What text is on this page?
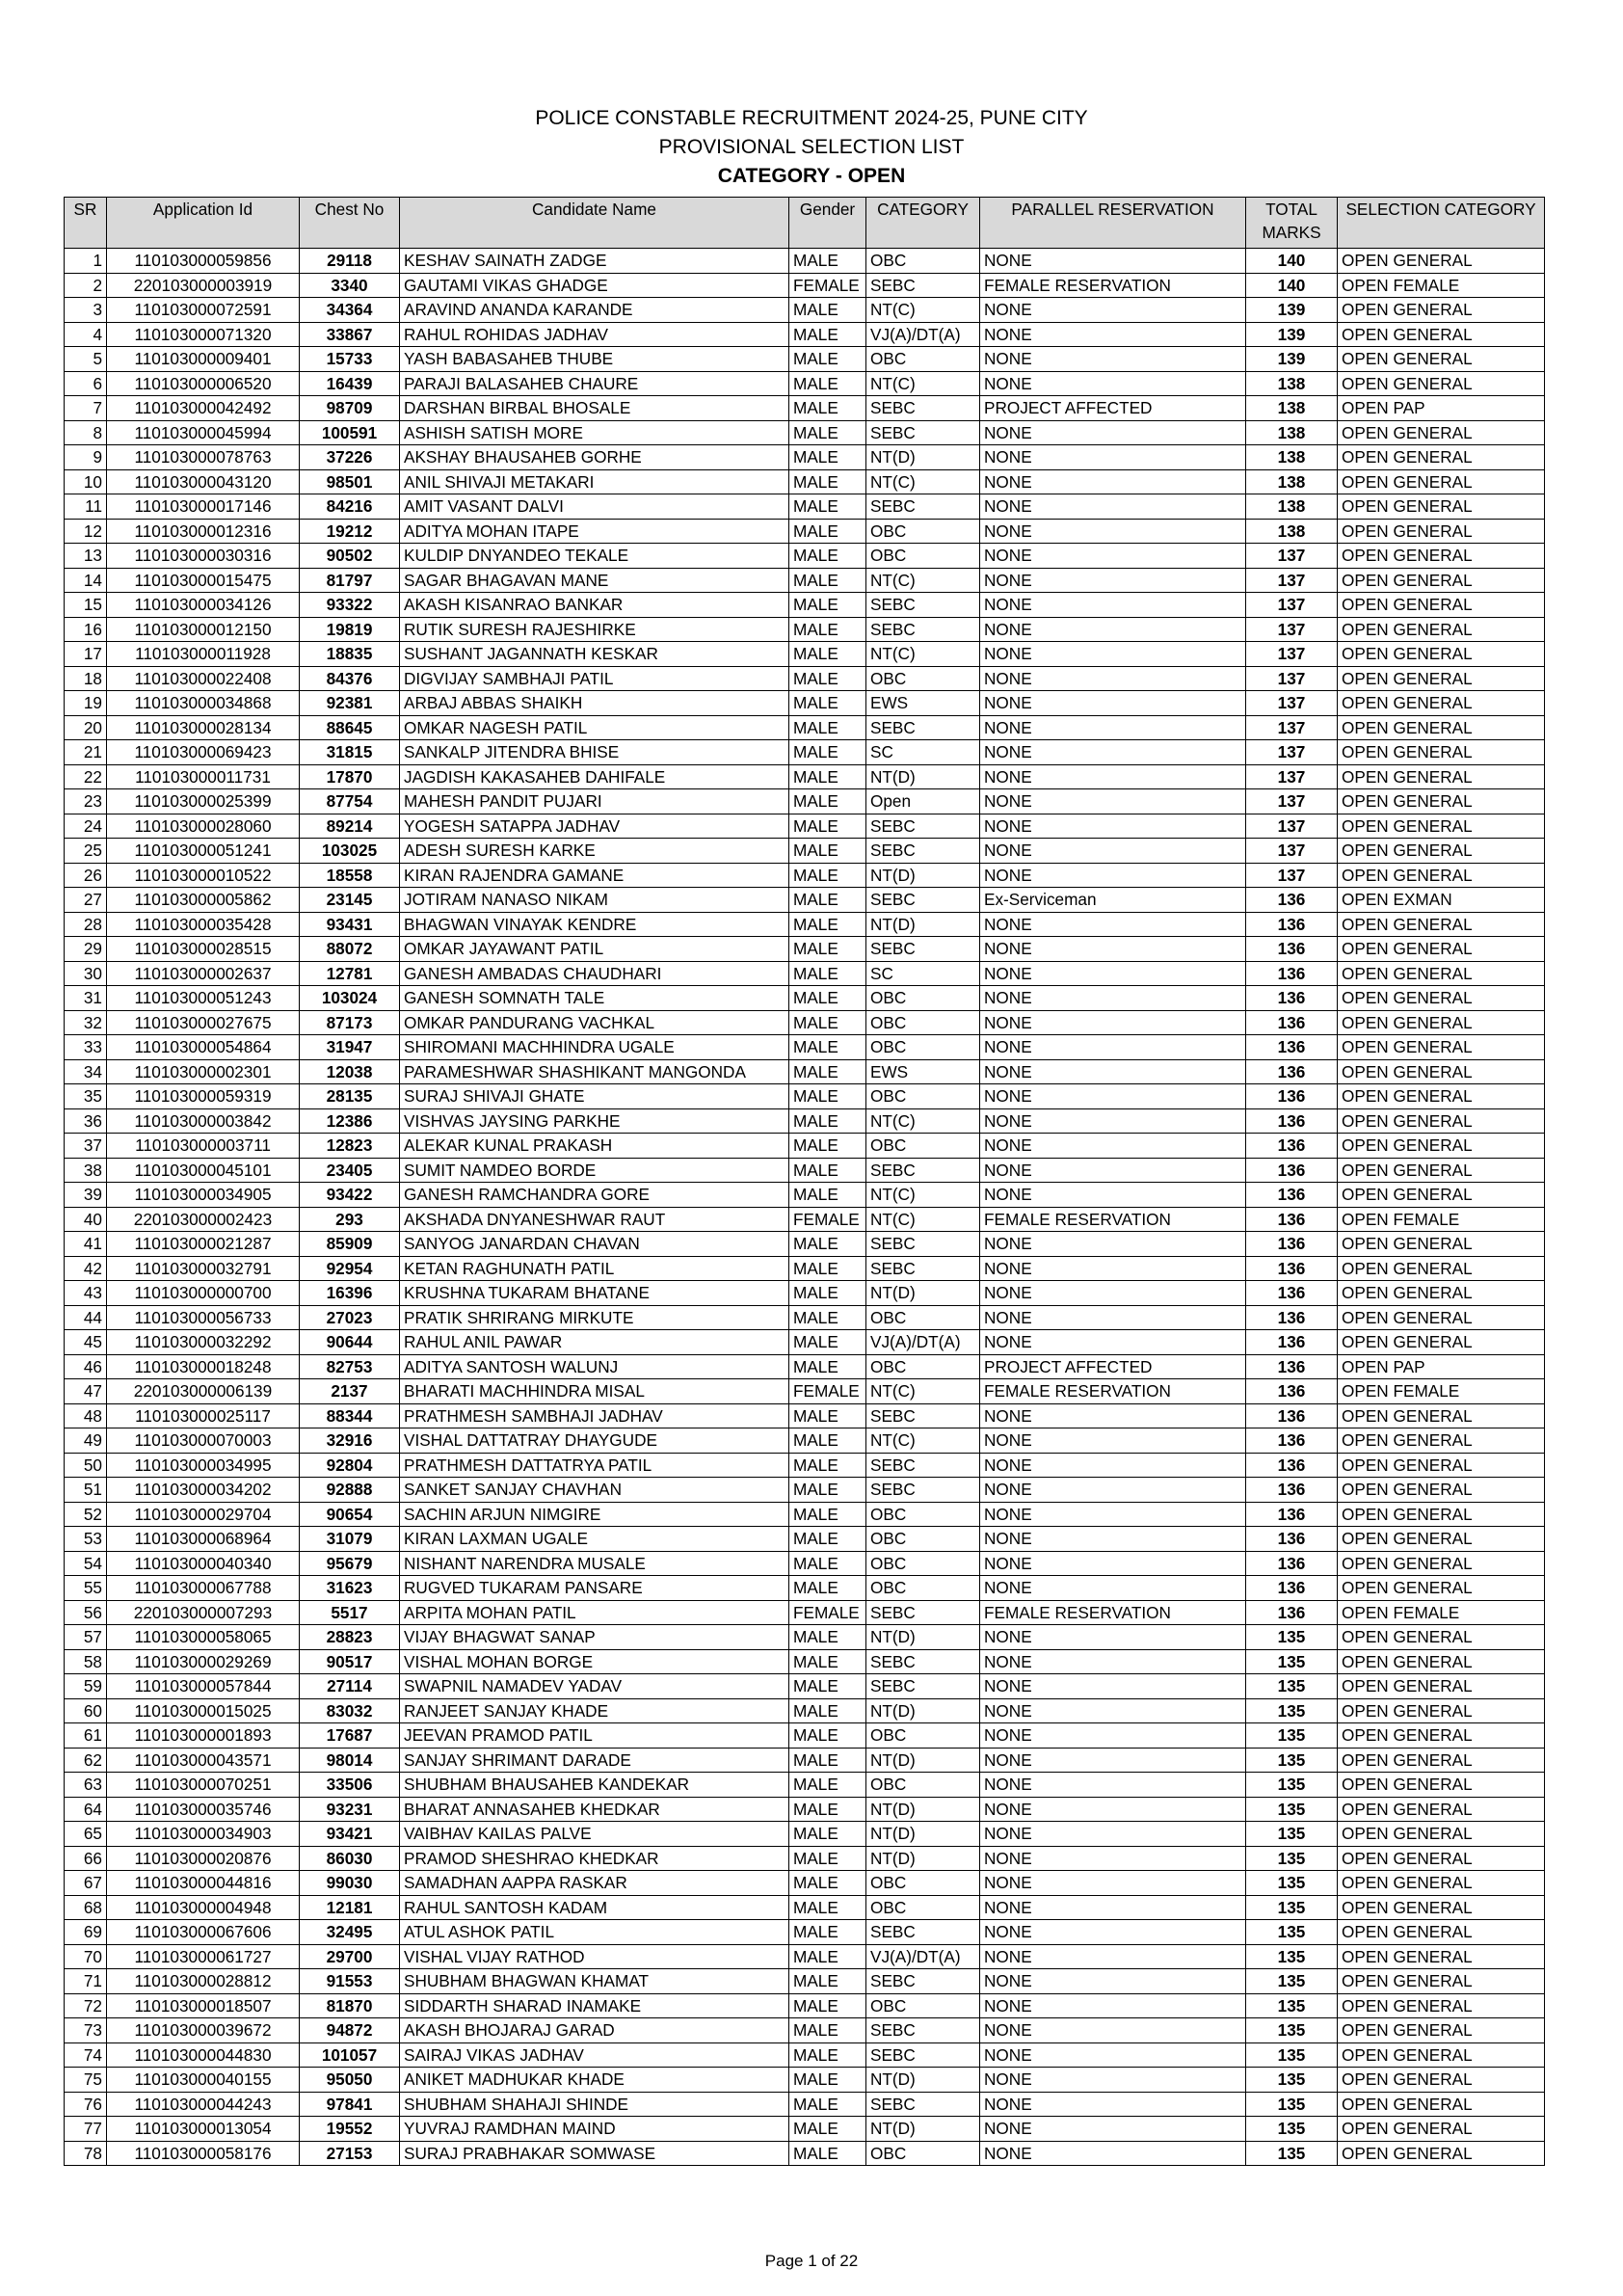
POLICE CONSTABLE RECRUITMENT 2024-25, PUNE CITY
PROVISIONAL SELECTION LIST
CATEGORY - OPEN
SR	Application Id	Chest No	Candidate Name	Gender	CATEGORY	PARALLEL RESERVATION	TOTAL MARKS	SELECTION CATEGORY
1	110103000059856	29118	KESHAV SAINATH ZADGE	MALE	OBC	NONE	140	OPEN GENERAL
2	220103000003919	3340	GAUTAMI VIKAS GHADGE	FEMALE	SEBC	FEMALE RESERVATION	140	OPEN FEMALE
3	110103000072591	34364	ARAVIND ANANDA KARANDE	MALE	NT(C)	NONE	139	OPEN GENERAL
4	110103000071320	33867	RAHUL ROHIDAS JADHAV	MALE	VJ(A)/DT(A)	NONE	139	OPEN GENERAL
5	110103000009401	15733	YASH BABASAHEB THUBE	MALE	OBC	NONE	139	OPEN GENERAL
6	110103000006520	16439	PARAJI BALASAHEB CHAURE	MALE	NT(C)	NONE	138	OPEN GENERAL
7	110103000042492	98709	DARSHAN BIRBAL BHOSALE	MALE	SEBC	PROJECT AFFECTED	138	OPEN PAP
8	110103000045994	100591	ASHISH SATISH MORE	MALE	SEBC	NONE	138	OPEN GENERAL
9	110103000078763	37226	AKSHAY BHAUSAHEB GORHE	MALE	NT(D)	NONE	138	OPEN GENERAL
10	110103000043120	98501	ANIL SHIVAJI METAKARI	MALE	NT(C)	NONE	138	OPEN GENERAL
11	110103000017146	84216	AMIT VASANT DALVI	MALE	SEBC	NONE	138	OPEN GENERAL
12	110103000012316	19212	ADITYA MOHAN ITAPE	MALE	OBC	NONE	138	OPEN GENERAL
13	110103000030316	90502	KULDIP DNYANDEO TEKALE	MALE	OBC	NONE	137	OPEN GENERAL
14	110103000015475	81797	SAGAR BHAGAVAN MANE	MALE	NT(C)	NONE	137	OPEN GENERAL
15	110103000034126	93322	AKASH KISANRAO BANKAR	MALE	SEBC	NONE	137	OPEN GENERAL
16	110103000012150	19819	RUTIK SURESH RAJESHIRKE	MALE	SEBC	NONE	137	OPEN GENERAL
17	110103000011928	18835	SUSHANT JAGANNATH KESKAR	MALE	NT(C)	NONE	137	OPEN GENERAL
18	110103000022408	84376	DIGVIJAY SAMBHAJI PATIL	MALE	OBC	NONE	137	OPEN GENERAL
19	110103000034868	92381	ARBAJ ABBAS SHAIKH	MALE	EWS	NONE	137	OPEN GENERAL
20	110103000028134	88645	OMKAR NAGESH PATIL	MALE	SEBC	NONE	137	OPEN GENERAL
21	110103000069423	31815	SANKALP JITENDRA BHISE	MALE	SC	NONE	137	OPEN GENERAL
22	110103000011731	17870	JAGDISH KAKASAHEB DAHIFALE	MALE	NT(D)	NONE	137	OPEN GENERAL
23	110103000025399	87754	MAHESH PANDIT PUJARI	MALE	Open	NONE	137	OPEN GENERAL
24	110103000028060	89214	YOGESH SATAPPA JADHAV	MALE	SEBC	NONE	137	OPEN GENERAL
25	110103000051241	103025	ADESH SURESH KARKE	MALE	SEBC	NONE	137	OPEN GENERAL
26	110103000010522	18558	KIRAN RAJENDRA GAMANE	MALE	NT(D)	NONE	137	OPEN GENERAL
27	110103000005862	23145	JOTIRAM NANASO NIKAM	MALE	SEBC	Ex-Serviceman	136	OPEN EXMAN
28	110103000035428	93431	BHAGWAN VINAYAK KENDRE	MALE	NT(D)	NONE	136	OPEN GENERAL
29	110103000028515	88072	OMKAR JAYAWANT PATIL	MALE	SEBC	NONE	136	OPEN GENERAL
30	110103000002637	12781	GANESH AMBADAS CHAUDHARI	MALE	SC	NONE	136	OPEN GENERAL
31	110103000051243	103024	GANESH SOMNATH TALE	MALE	OBC	NONE	136	OPEN GENERAL
32	110103000027675	87173	OMKAR PANDURANG VACHKAL	MALE	OBC	NONE	136	OPEN GENERAL
33	110103000054864	31947	SHIROMANI MACHHINDRA UGALE	MALE	OBC	NONE	136	OPEN GENERAL
34	110103000002301	12038	PARAMESHWAR SHASHIKANT MANGONDA	MALE	EWS	NONE	136	OPEN GENERAL
35	110103000059319	28135	SURAJ SHIVAJI GHATE	MALE	OBC	NONE	136	OPEN GENERAL
36	110103000003842	12386	VISHVAS JAYSING PARKHE	MALE	NT(C)	NONE	136	OPEN GENERAL
37	110103000003711	12823	ALEKAR KUNAL PRAKASH	MALE	OBC	NONE	136	OPEN GENERAL
38	110103000045101	23405	SUMIT NAMDEO BORDE	MALE	SEBC	NONE	136	OPEN GENERAL
39	110103000034905	93422	GANESH RAMCHANDRA GORE	MALE	NT(C)	NONE	136	OPEN GENERAL
40	220103000002423	293	AKSHADA DNYANESHWAR RAUT	FEMALE	NT(C)	FEMALE RESERVATION	136	OPEN FEMALE
41	110103000021287	85909	SANYOG JANARDAN CHAVAN	MALE	SEBC	NONE	136	OPEN GENERAL
42	110103000032791	92954	KETAN RAGHUNATH PATIL	MALE	SEBC	NONE	136	OPEN GENERAL
43	110103000000700	16396	KRUSHNA TUKARAM BHATANE	MALE	NT(D)	NONE	136	OPEN GENERAL
44	110103000056733	27023	PRATIK SHRIRANG MIRKUTE	MALE	OBC	NONE	136	OPEN GENERAL
45	110103000032292	90644	RAHUL ANIL PAWAR	MALE	VJ(A)/DT(A)	NONE	136	OPEN GENERAL
46	110103000018248	82753	ADITYA SANTOSH WALUNJ	MALE	OBC	PROJECT AFFECTED	136	OPEN PAP
47	220103000006139	2137	BHARATI MACHHINDRA MISAL	FEMALE	NT(C)	FEMALE RESERVATION	136	OPEN FEMALE
48	110103000025117	88344	PRATHMESH SAMBHAJI JADHAV	MALE	SEBC	NONE	136	OPEN GENERAL
49	110103000070003	32916	VISHAL DATTATRAY DHAYGUDE	MALE	NT(C)	NONE	136	OPEN GENERAL
50	110103000034995	92804	PRATHMESH DATTATRYA PATIL	MALE	SEBC	NONE	136	OPEN GENERAL
51	110103000034202	92888	SANKET SANJAY CHAVHAN	MALE	SEBC	NONE	136	OPEN GENERAL
52	110103000029704	90654	SACHIN ARJUN NIMGIRE	MALE	OBC	NONE	136	OPEN GENERAL
53	110103000068964	31079	KIRAN LAXMAN UGALE	MALE	OBC	NONE	136	OPEN GENERAL
54	110103000040340	95679	NISHANT NARENDRA MUSALE	MALE	OBC	NONE	136	OPEN GENERAL
55	110103000067788	31623	RUGVED TUKARAM PANSARE	MALE	OBC	NONE	136	OPEN GENERAL
56	220103000007293	5517	ARPITA MOHAN PATIL	FEMALE	SEBC	FEMALE RESERVATION	136	OPEN FEMALE
57	110103000058065	28823	VIJAY BHAGWAT SANAP	MALE	NT(D)	NONE	135	OPEN GENERAL
58	110103000029269	90517	VISHAL MOHAN BORGE	MALE	SEBC	NONE	135	OPEN GENERAL
59	110103000057844	27114	SWAPNIL NAMADEV YADAV	MALE	SEBC	NONE	135	OPEN GENERAL
60	110103000015025	83032	RANJEET SANJAY KHADE	MALE	NT(D)	NONE	135	OPEN GENERAL
61	110103000001893	17687	JEEVAN PRAMOD PATIL	MALE	OBC	NONE	135	OPEN GENERAL
62	110103000043571	98014	SANJAY SHRIMANT DARADE	MALE	NT(D)	NONE	135	OPEN GENERAL
63	110103000070251	33506	SHUBHAM BHAUSAHEB KANDEKAR	MALE	OBC	NONE	135	OPEN GENERAL
64	110103000035746	93231	BHARAT ANNASAHEB KHEDKAR	MALE	NT(D)	NONE	135	OPEN GENERAL
65	110103000034903	93421	VAIBHAV KAILAS PALVE	MALE	NT(D)	NONE	135	OPEN GENERAL
66	110103000020876	86030	PRAMOD SHESHRAO KHEDKAR	MALE	NT(D)	NONE	135	OPEN GENERAL
67	110103000044816	99030	SAMADHAN AAPPA RASKAR	MALE	OBC	NONE	135	OPEN GENERAL
68	110103000004948	12181	RAHUL SANTOSH KADAM	MALE	OBC	NONE	135	OPEN GENERAL
69	110103000067606	32495	ATUL ASHOK PATIL	MALE	SEBC	NONE	135	OPEN GENERAL
70	110103000061727	29700	VISHAL VIJAY RATHOD	MALE	VJ(A)/DT(A)	NONE	135	OPEN GENERAL
71	110103000028812	91553	SHUBHAM BHAGWAN KHAMAT	MALE	SEBC	NONE	135	OPEN GENERAL
72	110103000018507	81870	SIDDARTH SHARAD INAMAKE	MALE	OBC	NONE	135	OPEN GENERAL
73	110103000039672	94872	AKASH BHOJARAJ GARAD	MALE	SEBC	NONE	135	OPEN GENERAL
74	110103000044830	101057	SAIRAJ VIKAS JADHAV	MALE	SEBC	NONE	135	OPEN GENERAL
75	110103000040155	95050	ANIKET MADHUKAR KHADE	MALE	NT(D)	NONE	135	OPEN GENERAL
76	110103000044243	97841	SHUBHAM SHAHAJI SHINDE	MALE	SEBC	NONE	135	OPEN GENERAL
77	110103000013054	19552	YUVRAJ RAMDHAN MAIND	MALE	NT(D)	NONE	135	OPEN GENERAL
78	110103000058176	27153	SURAJ PRABHAKAR SOMWASE	MALE	OBC	NONE	135	OPEN GENERAL
Page 1 of 22
